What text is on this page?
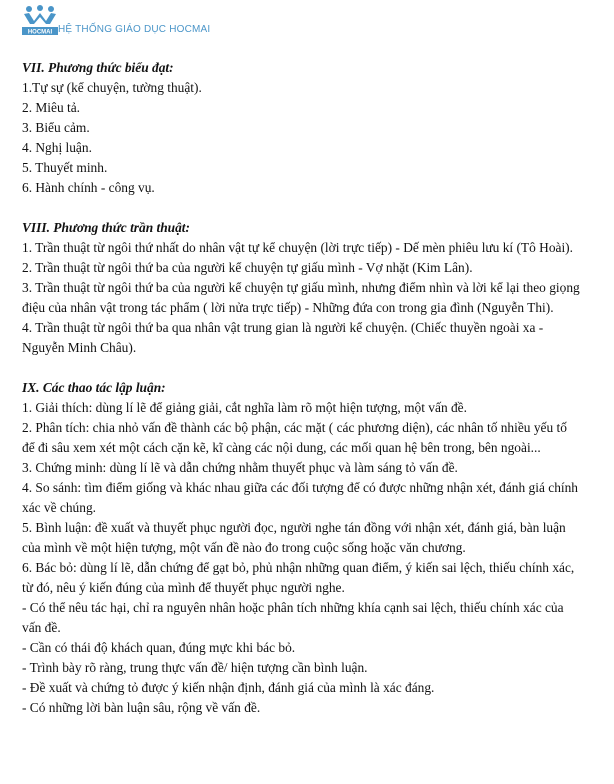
HOCMAI HỆ THỐNG GIÁO DỤC HOCMAI
VII. Phương thức biểu đạt:
1.Tự sự (kể chuyện, tường thuật).
2. Miêu tả.
3. Biểu cảm.
4. Nghị luận.
5. Thuyết minh.
6. Hành chính - công vụ.
VIII. Phương thức trần thuật:
1. Trần thuật từ ngôi thứ nhất do nhân vật tự kể chuyện (lời trực tiếp) - Dế mèn phiêu lưu kí (Tô Hoài).
2. Trần thuật từ ngôi thứ ba của người kể chuyện tự giấu mình - Vợ nhặt (Kim Lân).
3. Trần thuật từ ngôi thứ ba của người kể chuyện tự giấu mình, nhưng điểm nhìn và lời kể lại theo giọng
điệu của nhân vật trong tác phẩm ( lời nửa trực tiếp) - Những đứa con trong gia đình (Nguyễn Thi).
4. Trần thuật từ ngôi thứ ba qua nhân vật trung gian là người kể chuyện. (Chiếc thuyền ngoài xa -
Nguyễn Minh Châu).
IX. Các thao tác lập luận:
1. Giải thích: dùng lí lẽ để giảng giải, cắt nghĩa làm rõ một hiện tượng, một vấn đề.
2. Phân tích: chia nhỏ vấn đề thành các bộ phận, các mặt ( các phương diện), các nhân tố nhiều yếu tố
để đi sâu xem xét một cách cặn kẽ, kĩ càng các nội dung, các mối quan hệ bên trong, bên ngoài...
3. Chứng minh: dùng lí lẽ và dẫn chứng nhằm thuyết phục và làm sáng tỏ vấn đề.
4. So sánh: tìm điểm giống và khác nhau giữa các đối tượng để có được những nhận xét, đánh giá chính
xác về chúng.
5. Bình luận: đề xuất và thuyết phục người đọc, người nghe tán đồng với nhận xét, đánh giá, bàn luận
của mình về một hiện tượng, một vấn đề nào đo trong cuộc sống hoặc văn chương.
6. Bác bỏ: dùng lí lẽ, dẫn chứng để gạt bỏ, phủ nhận những quan điểm, ý kiến sai lệch, thiếu chính xác,
từ đó, nêu ý kiến đúng của mình để thuyết phục người nghe.
- Có thể nêu tác hại, chỉ ra nguyên nhân hoặc phân tích những khía cạnh sai lệch, thiếu chính xác của
vấn đề.
- Cần có thái độ khách quan, đúng mực khi bác bỏ.
- Trình bày rõ ràng, trung thực vấn đề/ hiện tượng cần bình luận.
- Đề xuất và chứng tỏ được ý kiến nhận định, đánh giá của mình là xác đáng.
- Có những lời bàn luận sâu, rộng về vấn đề.
